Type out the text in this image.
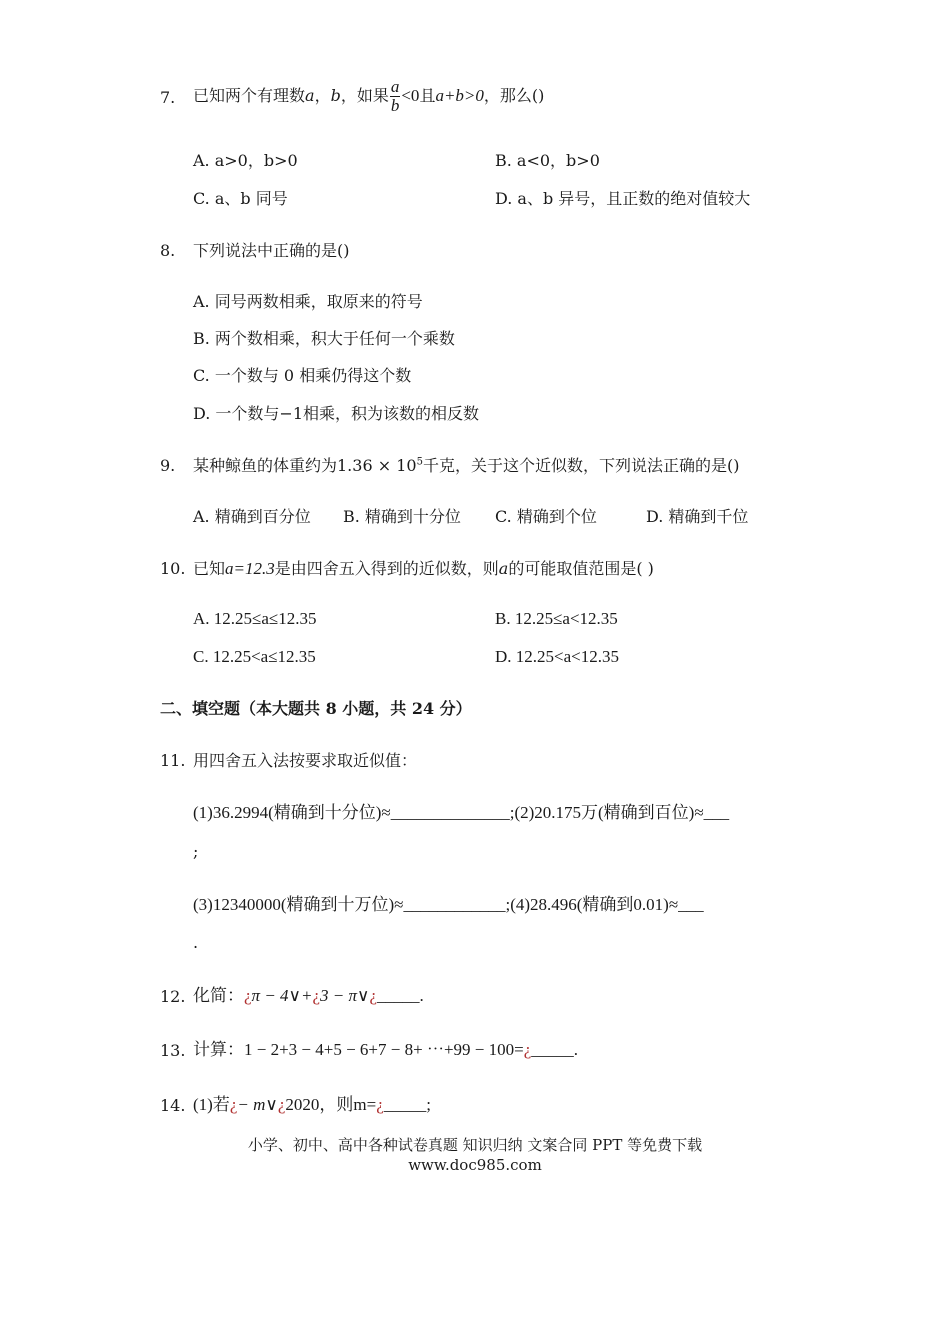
7. 已知两个有理数a，b，如果 $\frac{a}{b} <0$且a+b>0，那么()
A. a>0，b>0	B. a<0，b>0
C. a、b 同号	D. a、b 异号，且正数的绝对值较大
8. 下列说法中正确的是()
A. 同号两数相乘，取原来的符号
B. 两个数相乘，积大于任何一个乘数
C. 一个数与 0 相乘仍得这个数
D. 一个数与−1相乘，积为该数的相反数
9. 某种鲸鱼的体重约为$1.36 \times 10^5$千克，关于这个近似数，下列说法正确的是()
A. 精确到百分位 B. 精确到十分位 C. 精确到个位	D. 精确到千位
10. 已知a=12.3是由四舍五入得到的近似数，则a的可能取值范围是( )
A. 12.25≤a≤12.35	B. 12.25≤a<12.35
C. 12.25<a≤12.35	D. 12.25<a<12.35
二、填空题（本大题共 8 小题，共 24 分）
11. 用四舍五入法按要求取近似值：
(1)36.2994(精确到十分位)≈______________;(2)20.175万(精确到百位)≈___
;
(3)12340000(精确到十万位)≈____________;(4)28.496(精确到0.01)≈___
.
12. 化简：¿π − 4∨+¿3 − π∨¿_____.
13. 计算：1 − 2+3 − 4+5 − 6+7 − 8+ ⋯+99 − 100=¿_____.
14. (1)若¿− m∨¿2020，则m=¿_____;
小学、初中、高中各种试卷真题 知识归纳 文案合同 PPT 等免费下载
www.doc985.com
